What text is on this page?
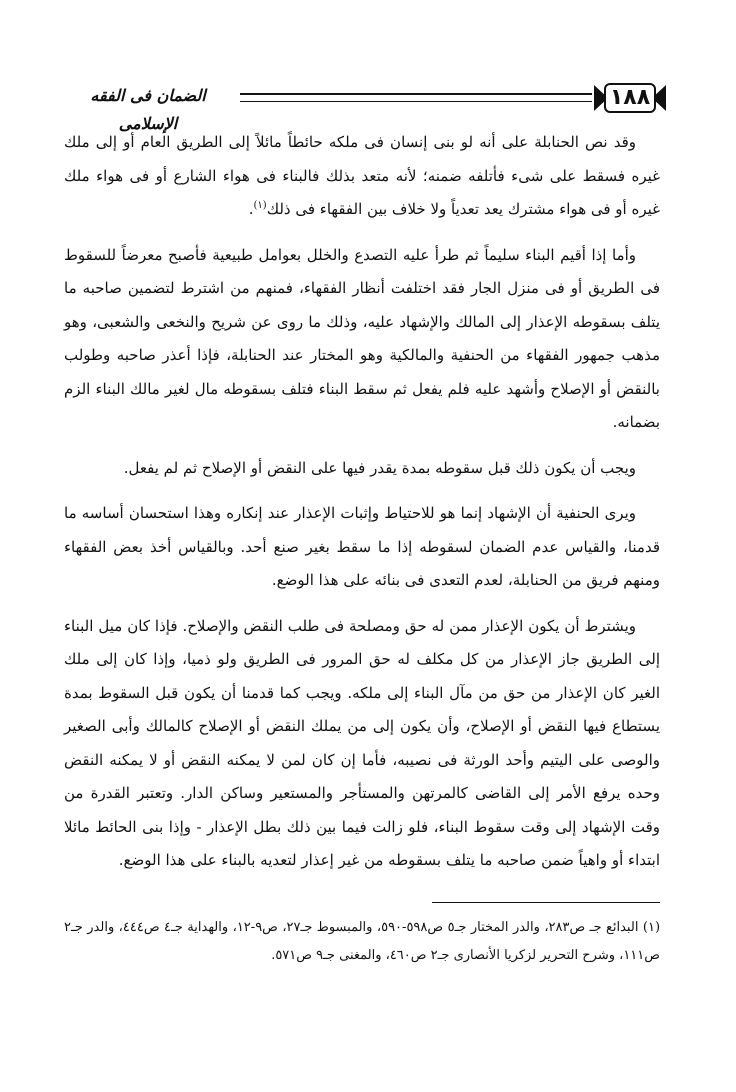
١٨٨
الضمان فى الفقه الإسلامى

وقد نص الحنابلة على أنه لو بنى إنسان فى ملكه حائطاً مائلاً إلى الطريق العام أو إلى ملك غيره فسقط على شىء فأتلفه ضمنه؛ لأنه متعد بذلك فالبناء فى هواء الشارع أو فى هواء ملك غيره أو فى هواء مشترك يعد تعدياً ولا خلاف بين الفقهاء فى ذلك$^{(١)}$.

وأما إذا أقيم البناء سليماً ثم طرأ عليه التصدع والخلل بعوامل طبيعية فأصبح معرضاً للسقوط فى الطريق أو فى منزل الجار فقد اختلفت أنظار الفقهاء، فمنهم من اشترط لتضمين صاحبه ما يتلف بسقوطه الإعذار إلى المالك والإشهاد عليه، وذلك ما روى عن شريح والنخعى والشعبى، وهو مذهب جمهور الفقهاء من الحنفية والمالكية وهو المختار عند الحنابلة، فإذا أعذر صاحبه وطولب بالنقض أو الإصلاح وأشهد عليه فلم يفعل ثم سقط البناء فتلف بسقوطه مال لغير مالك البناء الزم بضمانه.

ويجب أن يكون ذلك قبل سقوطه بمدة يقدر فيها على النقض أو الإصلاح ثم لم يفعل.

ويرى الحنفية أن الإشهاد إنما هو للاحتياط وإثبات الإعذار عند إنكاره وهذا استحسان أساسه ما قدمنا، والقياس عدم الضمان لسقوطه إذا ما سقط بغير صنع أحد. وبالقياس أخذ بعض الفقهاء ومنهم فريق من الحنابلة، لعدم التعدى فى بنائه على هذا الوضع.

ويشترط أن يكون الإعذار ممن له حق ومصلحة فى طلب النقض والإصلاح. فإذا كان ميل البناء إلى الطريق جاز الإعذار من كل مكلف له حق المرور فى الطريق ولو ذميا، وإذا كان إلى ملك الغير كان الإعذار من حق من مآل البناء إلى ملكه. ويجب كما قدمنا أن يكون قبل السقوط بمدة يستطاع فيها النقض أو الإصلاح، وأن يكون إلى من يملك النقض أو الإصلاح كالمالك وأبى الصغير والوصى على اليتيم وأحد الورثة فى نصيبه، فأما إن كان لمن لا يمكنه النقض أو لا يمكنه النقض وحده يرفع الأمر إلى القاضى كالمرتهن والمستأجر والمستعير وساكن الدار. وتعتبر القدرة من وقت الإشهاد إلى وقت سقوط البناء، فلو زالت فيما بين ذلك بطل الإعذار - وإذا بنى الحائط مائلا ابتداء أو واهياً ضمن صاحبه ما يتلف بسقوطه من غير إعذار لتعديه بالبناء على هذا الوضع.

(١) البدائع جـ ص٢٨٣، والدر المختار جـ٥ ص٥٩٨-٥٩٠، والمبسوط جـ٢٧، ص٩-١٢، والهداية جـ٤ ص٤٤٤، والدر جـ٢ ص١١١، وشرح التحرير لزكريا الأنصارى جـ٢ ص٤٦٠، والمغنى جـ٩ ص٥٧١.
